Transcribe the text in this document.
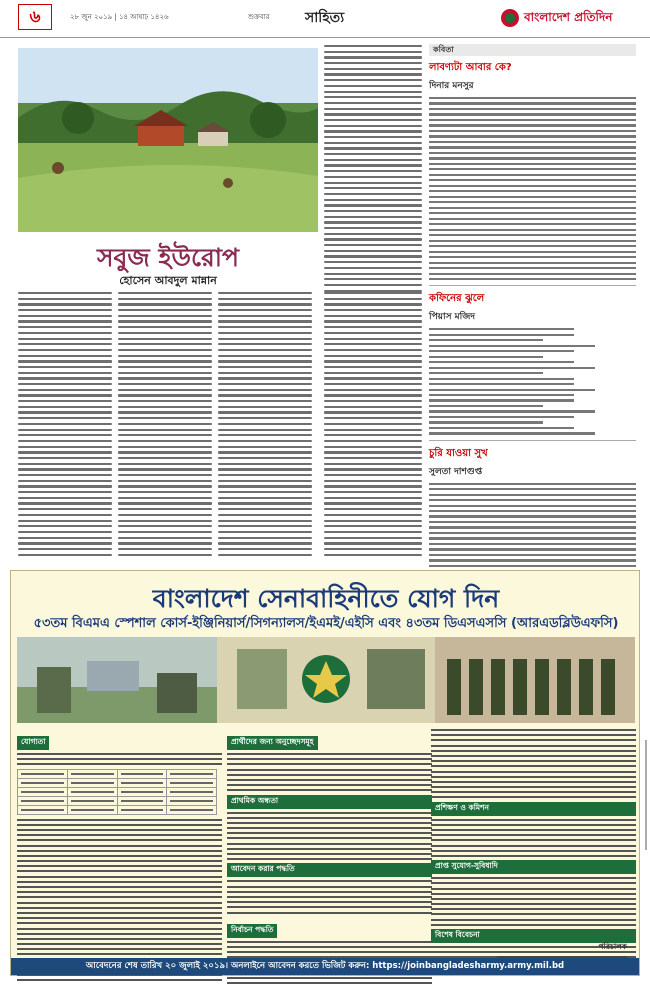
৬	২৮ জুন ২০১৯ | ১৪ আষাঢ় ১৪২৬	শুক্রবার	সাহিত্য	বাংলাদেশ প্রতিদিন
সবুজ ইউরোপ
হোসেন আবদুল মান্নান
কবিতা
লাবণ্যটা আবার কে?
দিনার মনসুর
কফিনের ঝুলে
পিয়াস মজিদ
চুরি যাওয়া সুখ
সুলতা দাশগুপ্ত
বাংলাদেশ সেনাবাহিনীতে যোগ দিন
৫৩তম বিএমএ স্পেশাল কোর্স-ইঞ্জিনিয়ার্স/সিগন্যালস/ইএমই/এইসি এবং ৪৩তম ডিএসএসসি (আরএডব্লিউএফসি)
যোগ্যতা

		প্রার্থীদের জন্য অনুচ্ছেদসমূহ
প্রাথমিক অন্ধতা
আবেদন করার পদ্ধতি
নির্বাচন পদ্ধতি
প্রশিক্ষণ ও কমিশন
প্রাপ্ত সুযোগ-সুবিধাদি
বিশেষ বিবেচনা
পরিচালক
আবেদনের শেষ তারিখ ২০ জুলাই ২০১৯। অনলাইনে আবেদন করতে ভিজিট করুন: https://joinbangladesharmy.army.mil.bd
